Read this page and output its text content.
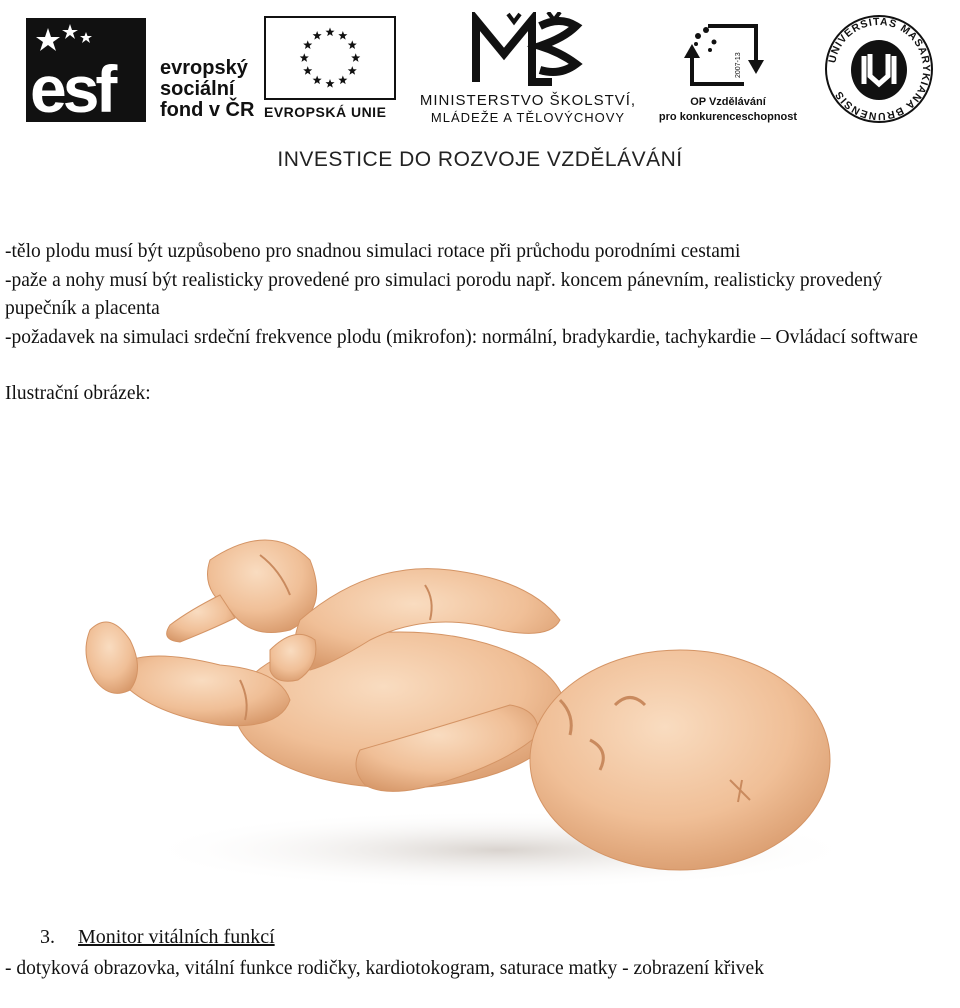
esf evropský
sociální
fond v ČR EVROPSKÁ UNIE
MINISTERSTVO ŠKOLSTVÍ,
MLÁDEŽE A TĚLOVÝCHOVY
2007-13
OP Vzdělávání
pro konkurenceschopnost
UNIVERSITAS MASARYKIANA BRUNENSIS
INVESTICE DO ROZVOJE VZDĚLÁVÁNÍ

-tělo plodu musí být uzpůsobeno pro snadnou simulaci rotace při průchodu porodními cestami

-paže a nohy musí být realisticky provedené pro simulaci porodu např. koncem pánevním, realisticky provedený pupečník a placenta

-požadavek na simulaci srdeční frekvence plodu (mikrofon): normální, bradykardie, tachykardie – Ovládací software

Ilustrační obrázek:

3. Monitor vitálních funkcí
- dotyková obrazovka, vitální funkce rodičky, kardiotokogram, saturace matky - zobrazení křivek
